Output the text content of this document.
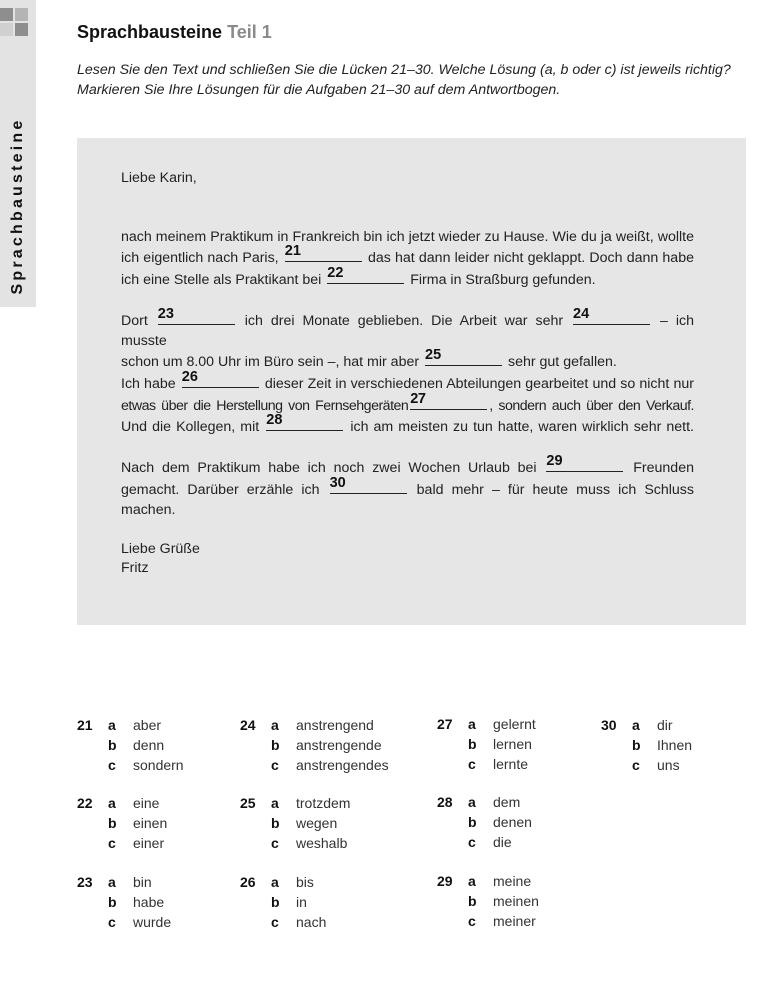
Sprachbausteine
Sprachbausteine Teil 1
Lesen Sie den Text und schließen Sie die Lücken 21–30. Welche Lösung (a, b oder c) ist jeweils richtig?
Markieren Sie Ihre Lösungen für die Aufgaben 21–30 auf dem Antwortbogen.

Liebe Karin,

nach meinem Praktikum in Frankreich bin ich jetzt wieder zu Hause. Wie du ja weißt, wollte
ich eigentlich nach Paris, 21	das hat dann leider nicht geklappt. Doch dann habe
ich eine Stelle als Praktikant bei 22	Firma in Straßburg gefunden.

Dort 23	ich drei Monate geblieben. Die Arbeit war sehr 24	– ich musste
schon um 8.00 Uhr im Büro sein –, hat mir aber 25	sehr gut gefallen.
Ich habe 26	dieser Zeit in verschiedenen Abteilungen gearbeitet und so nicht nur
etwas über die Herstellung von Fernsehgeräten 27	, sondern auch über den Verkauf.
Und die Kollegen, mit 28	ich am meisten zu tun hatte, waren wirklich sehr nett.

Nach dem Praktikum habe ich noch zwei Wochen Urlaub bei 29	Freunden
gemacht. Darüber erzähle ich 30	bald mehr – für heute muss ich Schluss machen.

Liebe Grüße

Fritz

21 a aber
b denn
c sondern
22 a eine
b einen
c einer
23 a bin
b habe
c wurde
24 a anstrengend
b anstrengende
c anstrengendes
25 a trotzdem
b wegen
c weshalb
26 a bis
b in
c nach
27 a gelernt
b lernen
c lernte
28 a dem
b denen
c die
29 a meine
b meinen
c meiner
30 a dir
b Ihnen
c uns
